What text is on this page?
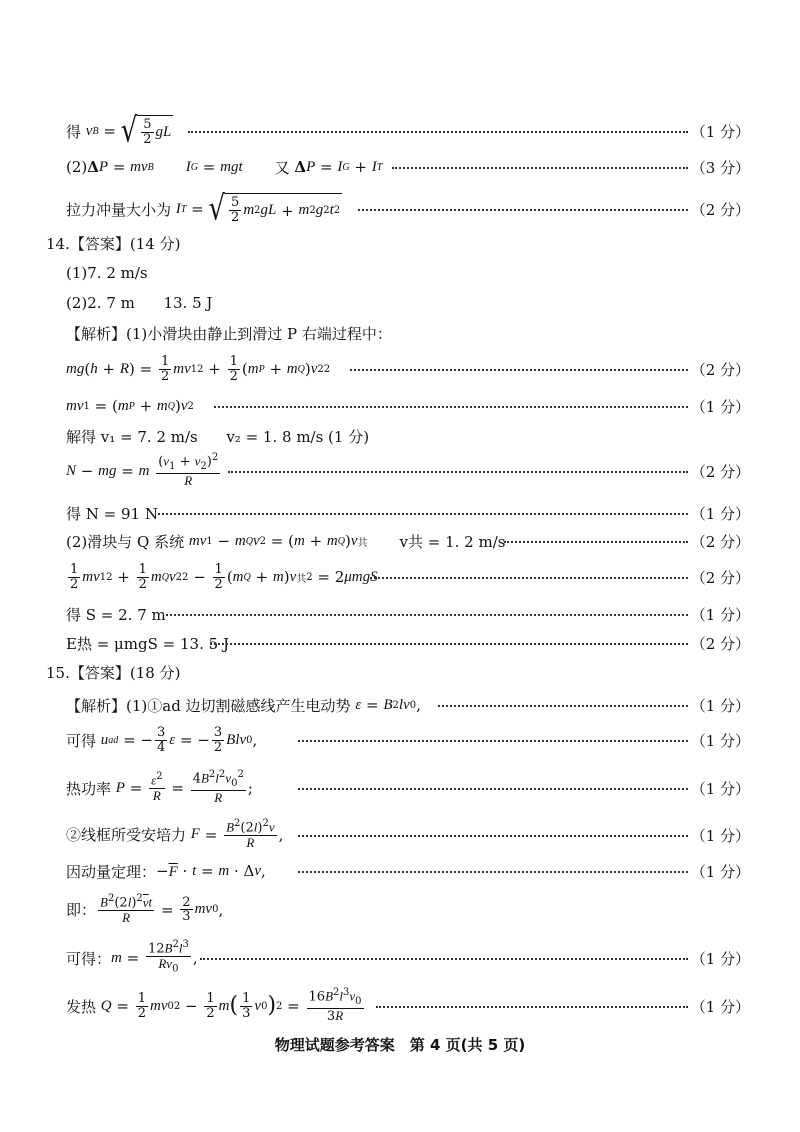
得
v B = √ $\frac{5}{2}$ gL	（1 分）
(2) Δ P = mv B I G = mgt 又
Δ P = I G + I T	（3 分）
拉力冲量大小为
I T = √ $\frac{5}{2}$ m 2 gL + m 2 g 2 t 2	（2 分）
14.【答案】(14 分)
(1)7. 2 m/s
(2)2. 7 m      13. 5 J
【解析】(1)小滑块由静止到滑过 P 右端过程中：
mg ( h + R ) = $\frac{1}{2}$ mv 1 $2 + \frac{1}{2}$ ( m P + m Q ) v 2 2	（2 分）
mv 1 = ( m P + m Q ) v 2	（1 分）
解得 v₁ = 7. 2 m/s      v₂ = 1. 8 m/s (1 分)
N − mg = m
$\frac{(v_1 + v_2)^2}{R}$	（2 分）
得 N = 91 N	（1 分）
(2)滑块与 Q 系统
mv 1 − m Q v 2 = ( m + m Q ) v 共 v共 = 1. 2 m/s	（2 分）
$\frac{1}{2}$ mv 1 $2 + \frac{1}{2}$ m Q v 2 $2 - \frac{1}{2}$ ( m Q + m ) v 共 2 = 2 μmgS	（2 分）
得 S = 2. 7 m	（1 分）
E热 = μmgS = 13. 5 J	（2 分）
15.【答案】(18 分)
【解析】(1)①ad 边切割磁感线产生电动势
ε = B 2 lv 0 ,	（1 分）
可得
u ad = − $\frac{3}{4}$ ε = − $\frac{3}{2}$ Blv 0 ,	（1 分）
热功率
$P = \frac{\varepsilon^2}{R} = \frac{4B^2l^2v_0^2}{R}$ ;	（1 分）
②线框所受安培力
$F = \frac{B^2(2l)^2v}{R}$ ,	（1 分）
因动量定理： − $\overline{F} \cdot t = m \cdot \Delta$ v ,	（1 分）
即： $\frac{B^2(2l)^2\overline{v}t}{R} = \frac{2}{3}$ mv 0 ,
可得： $m = \frac{12B^2l^3}{Rv_0}$ ,	（1 分）
发热
$Q = \frac{1}{2}$ mv 0 $2 - \frac{1}{2}$ m ( $\frac{1}{3}$ v 0 ) $2 = \frac{16B^2l^3v_0}{3R}$	（1 分）
物理试题参考答案　第 4 页(共 5 页)
